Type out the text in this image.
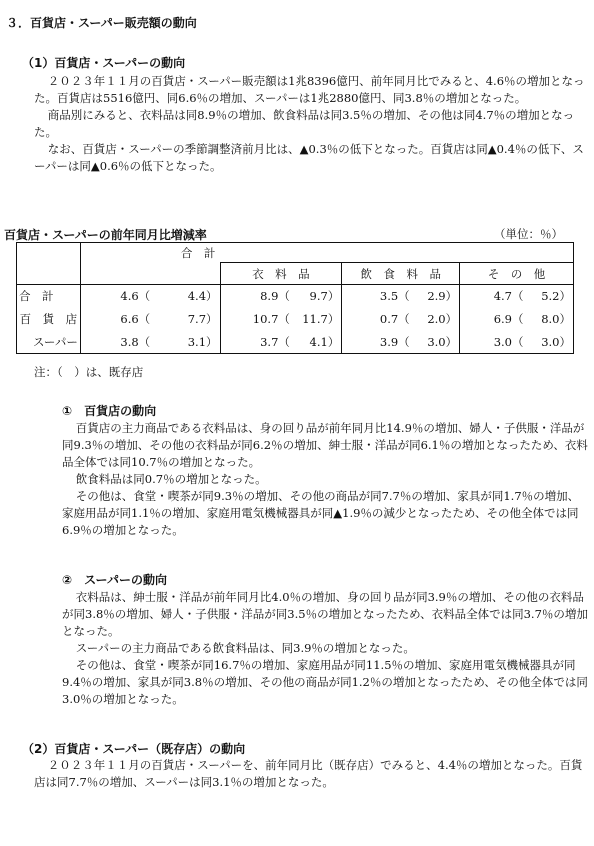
３．百貨店・スーパー販売額の動向
（1）百貨店・スーパーの動向

２０２３年１１月の百貨店・スーパー販売額は1兆8396億円、前年同月比でみると、4.6％の増加となった。百貨店は5516億円、同6.6％の増加、スーパーは1兆2880億円、同3.8％の増加となった。

商品別にみると、衣料品は同8.9％の増加、飲食料品は同3.5％の増加、その他は同4.7％の増加となった。

なお、百貨店・スーパーの季節調整済前月比は、▲0.3％の低下となった。百貨店は同▲0.4％の低下、スーパーは同▲0.6％の低下となった。

百貨店・スーパーの前年同月比増減率	（単位：％）
	合　計							
			衣　料　品		飲　食　料　品		そ　の　他	
合　計	4.6（	4.4）	8.9（	9.7）	3.5（	2.9）	4.7（	5.2）
百　貨　店	6.6（	7.7）	10.7（	11.7）	0.7（	2.0）	6.9（	8.0）
スーパー	3.8（	3.1）	3.7（	4.1）	3.9（	3.0）	3.0（	3.0）
注：（　）は、既存店
①　百貨店の動向

百貨店の主力商品である衣料品は、身の回り品が前年同月比14.9％の増加、婦人・子供服・洋品が同9.3％の増加、その他の衣料品が同6.2％の増加、紳士服・洋品が同6.1％の増加となったため、衣料品全体では同10.7％の増加となった。

飲食料品は同0.7％の増加となった。

その他は、食堂・喫茶が同9.3％の増加、その他の商品が同7.7％の増加、家具が同1.7％の増加、家庭用品が同1.1％の増加、家庭用電気機械器具が同▲1.9％の減少となったため、その他全体では同6.9％の増加となった。

②　スーパーの動向

衣料品は、紳士服・洋品が前年同月比4.0％の増加、身の回り品が同3.9％の増加、その他の衣料品が同3.8％の増加、婦人・子供服・洋品が同3.5％の増加となったため、衣料品全体では同3.7％の増加となった。

スーパーの主力商品である飲食料品は、同3.9％の増加となった。

その他は、食堂・喫茶が同16.7％の増加、家庭用品が同11.5％の増加、家庭用電気機械器具が同9.4％の増加、家具が同3.8％の増加、その他の商品が同1.2％の増加となったため、その他全体では同3.0％の増加となった。

（2）百貨店・スーパー（既存店）の動向

２０２３年１１月の百貨店・スーパーを、前年同月比（既存店）でみると、4.4％の増加となった。百貨店は同7.7％の増加、スーパーは同3.1％の増加となった。
